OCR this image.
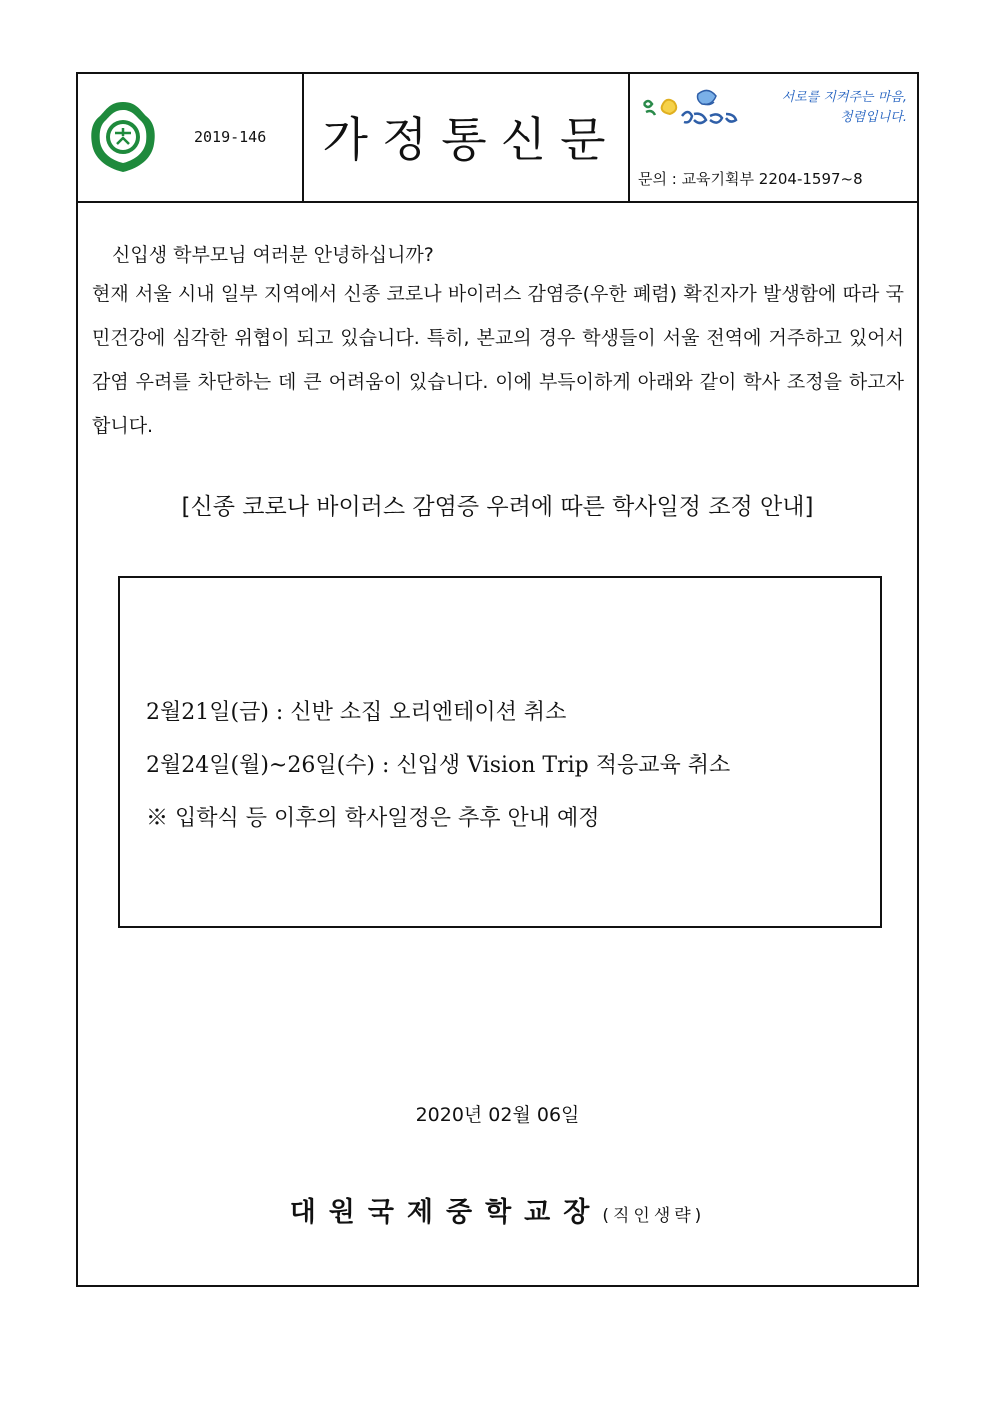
2019-146 가정통신문
서로를 지켜주는 마음,
청렴입니다.
문의 : 교육기획부 2204-1597~8
신입생 학부모님 여러분 안녕하십니까?

현재 서울 시내 일부 지역에서 신종 코로나 바이러스 감염증(우한 폐렴) 확진자가 발생함에 따라 국민건강에 심각한 위협이 되고 있습니다. 특히, 본교의 경우 학생들이 서울 전역에 거주하고 있어서 감염 우려를 차단하는 데 큰 어려움이 있습니다. 이에 부득이하게 아래와 같이 학사 조정을 하고자 합니다.

[신종 코로나 바이러스 감염증 우려에 따른 학사일정 조정 안내]
2월21일(금) : 신반 소집 오리엔테이션 취소
2월24일(월)~26일(수) : 신입생 Vision Trip 적응교육 취소
※ 입학식 등 이후의 학사일정은 추후 안내 예정
2020년 02월 06일
대원국제중학교장(직인생략)
